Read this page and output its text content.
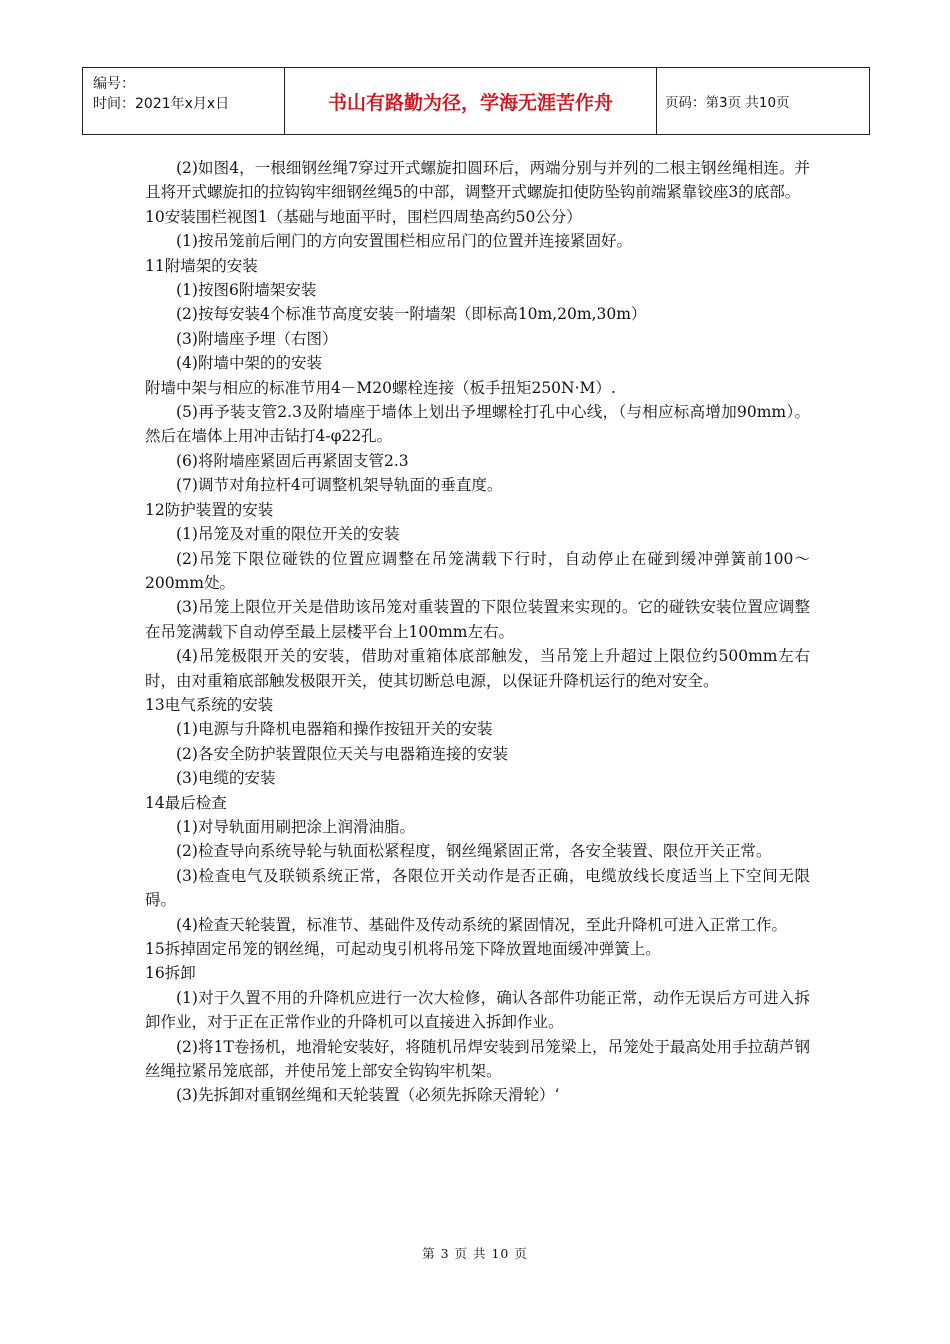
编号：
时间：2021年x月x日	书山有路勤为径，学海无涯苦作舟	页码：第3页 共10页

(2)如图4，一根细钢丝绳7穿过开式螺旋扣圆环后，两端分别与并列的二根主钢丝绳相连。并且将开式螺旋扣的拉钩钩牢细钢丝绳5的中部，调整开式螺旋扣使防坠钩前端紧靠铰座3的底部。

10安装围栏视图1（基础与地面平时，围栏四周垫高约50公分）

(1)按吊笼前后闸门的方向安置围栏相应吊门的位置并连接紧固好。

11附墙架的安装

(1)按图6附墙架安装

(2)按每安装4个标准节高度安装一附墙架（即标高10m,20m,30m）

(3)附墙座予埋（右图）

(4)附墙中架的的安装

附墙中架与相应的标准节用4－M20螺栓连接（板手扭矩250N·M）.

(5)再予装支管2.3及附墙座于墙体上划出予埋螺栓打孔中心线，（与相应标高增加90mm）。然后在墙体上用冲击钻打4-φ22孔。

(6)将附墙座紧固后再紧固支管2.3

(7)调节对角拉杆4可调整机架导轨面的垂直度。

12防护装置的安装

(1)吊笼及对重的限位开关的安装

(2)吊笼下限位碰铁的位置应调整在吊笼满载下行时，自动停止在碰到缓冲弹簧前100～200mm处。

(3)吊笼上限位开关是借助该吊笼对重装置的下限位装置来实现的。它的碰铁安装位置应调整在吊笼满载下自动停至最上层楼平台上100mm左右。

(4)吊笼极限开关的安装，借助对重箱体底部触发，当吊笼上升超过上限位约500mm左右时，由对重箱底部触发极限开关，使其切断总电源，以保证升降机运行的绝对安全。

13电气系统的安装

(1)电源与升降机电器箱和操作按钮开关的安装

(2)各安全防护装置限位天关与电器箱连接的安装

(3)电缆的安装

14最后检查

(1)对导轨面用刷把涂上润滑油脂。

(2)检查导向系统导轮与轨面松紧程度，钢丝绳紧固正常，各安全装置、限位开关正常。

(3)检查电气及联锁系统正常，各限位开关动作是否正确，电缆放线长度适当上下空间无限碍。

(4)检查天轮装置，标准节、基础件及传动系统的紧固情况，至此升降机可进入正常工作。

15拆掉固定吊笼的钢丝绳，可起动曳引机将吊笼下降放置地面缓冲弹簧上。

16拆卸

(1)对于久置不用的升降机应进行一次大检修，确认各部件功能正常，动作无误后方可进入拆卸作业，对于正在正常作业的升降机可以直接进入拆卸作业。

(2)将1T卷扬机，地滑轮安装好，将随机吊焊安装到吊笼梁上，吊笼处于最高处用手拉葫芦钢丝绳拉紧吊笼底部，并使吊笼上部安全钩钩牢机架。

(3)先拆卸对重钢丝绳和天轮装置（必须先拆除天滑轮）‘

第 3 页 共 10 页
